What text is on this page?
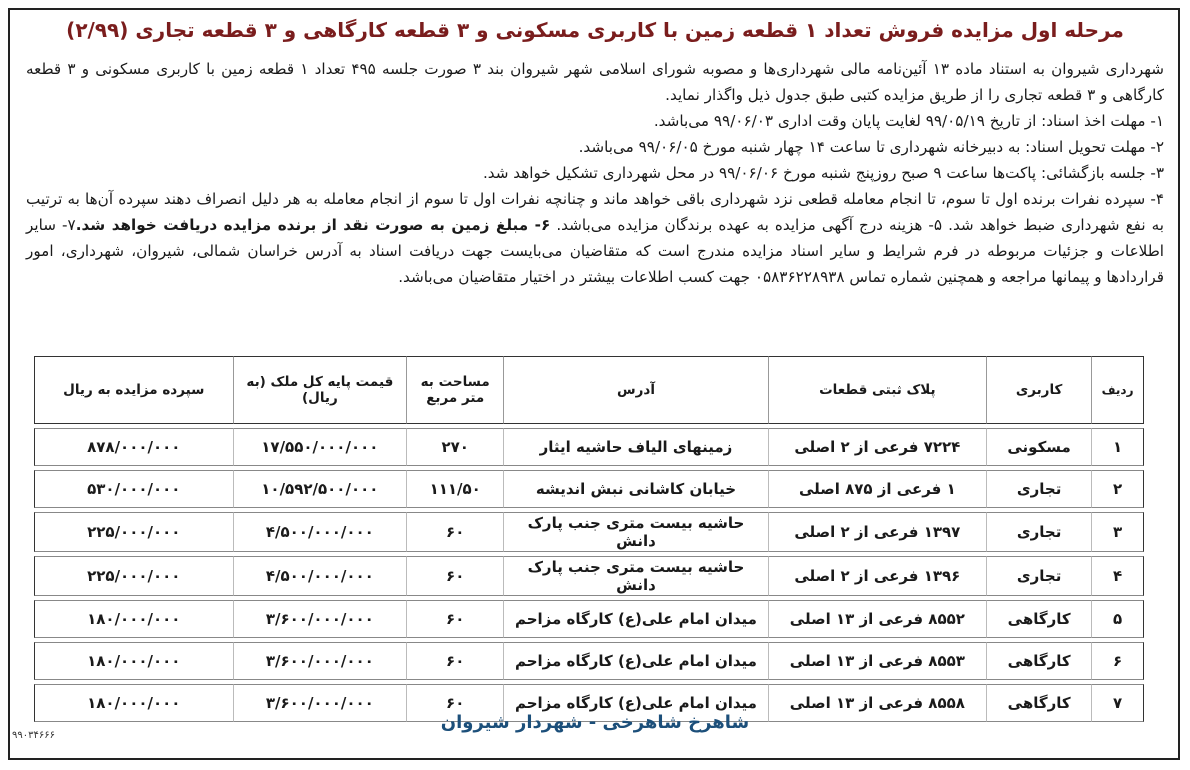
مرحله اول مزایده فروش تعداد ۱ قطعه زمین با کاربری مسکونی و ۳ قطعه کارگاهی و ۳ قطعه تجاری (۲/۹۹)

شهرداری شیروان به استناد ماده ۱۳ آئین‌نامه مالی شهرداری‌ها و مصوبه شورای اسلامی شهر شیروان بند ۳ صورت جلسه ۴۹۵ تعداد ۱ قطعه زمین با کاربری مسکونی و ۳ قطعه کارگاهی و ۳ قطعه تجاری را از طریق مزایده کتبی طبق جدول ذیل واگذار نماید.

۱- مهلت اخذ اسناد: از تاریخ ۹۹/۰۵/۱۹ لغایت پایان وقت اداری ۹۹/۰۶/۰۳ می‌باشد.

۲- مهلت تحویل اسناد: به دبیرخانه شهرداری تا ساعت ۱۴ چهار شنبه مورخ ۹۹/۰۶/۰۵ می‌باشد.

۳- جلسه بازگشائی: پاکت‌ها ساعت ۹ صبح روزپنج شنبه مورخ ۹۹/۰۶/۰۶ در محل شهرداری تشکیل خواهد شد.

۴- سپرده نفرات برنده اول تا سوم، تا انجام معامله قطعی نزد شهرداری باقی خواهد ماند و چنانچه نفرات اول تا سوم از انجام معامله به هر دلیل انصراف دهند سپرده آن‌ها به ترتیب به نفع شهرداری ضبط خواهد شد. ۵- هزینه درج آگهی مزایده به عهده برندگان مزایده می‌باشد. ۶- مبلغ زمین به صورت نقد از برنده مزایده دریافت خواهد شد.۷- سایر اطلاعات و جزئیات مربوطه در فرم شرایط و سایر اسناد مزایده مندرج است که متقاضیان می‌بایست جهت دریافت اسناد به آدرس خراسان شمالی، شیروان، شهرداری، امور قراردادها و پیمانها مراجعه و همچنین شماره تماس ۰۵۸۳۶۲۲۸۹۳۸ جهت کسب اطلاعات بیشتر در اختیار متقاضیان می‌باشد.

ردیف	کاربری	پلاک ثبتی قطعات	آدرس	مساحت به متر مربع	قیمت پایه کل ملک (به ریال)	سپرده مزایده به ریال
۱	مسکونی	۷۲۲۴ فرعی از ۲ اصلی	زمینهای الیاف حاشیه ایثار	۲۷۰	۱۷/۵۵۰/۰۰۰/۰۰۰	۸۷۸/۰۰۰/۰۰۰
۲	تجاری	۱ فرعی از ۸۷۵ اصلی	خیابان کاشانی نبش اندیشه	۱۱۱/۵۰	۱۰/۵۹۲/۵۰۰/۰۰۰	۵۳۰/۰۰۰/۰۰۰
۳	تجاری	۱۳۹۷ فرعی از ۲ اصلی	حاشیه بیست متری جنب پارک دانش	۶۰	۴/۵۰۰/۰۰۰/۰۰۰	۲۲۵/۰۰۰/۰۰۰
۴	تجاری	۱۳۹۶ فرعی از ۲ اصلی	حاشیه بیست متری جنب پارک دانش	۶۰	۴/۵۰۰/۰۰۰/۰۰۰	۲۲۵/۰۰۰/۰۰۰
۵	کارگاهی	۸۵۵۲ فرعی از ۱۳ اصلی	میدان امام علی(ع) کارگاه مزاحم	۶۰	۳/۶۰۰/۰۰۰/۰۰۰	۱۸۰/۰۰۰/۰۰۰
۶	کارگاهی	۸۵۵۳ فرعی از ۱۳ اصلی	میدان امام علی(ع) کارگاه مزاحم	۶۰	۳/۶۰۰/۰۰۰/۰۰۰	۱۸۰/۰۰۰/۰۰۰
۷	کارگاهی	۸۵۵۸ فرعی از ۱۳ اصلی	میدان امام علی(ع) کارگاه مزاحم	۶۰	۳/۶۰۰/۰۰۰/۰۰۰	۱۸۰/۰۰۰/۰۰۰
شاهرخ شاهرخی - شهردار شیروان
۹۹۰۳۴۶۶۶
